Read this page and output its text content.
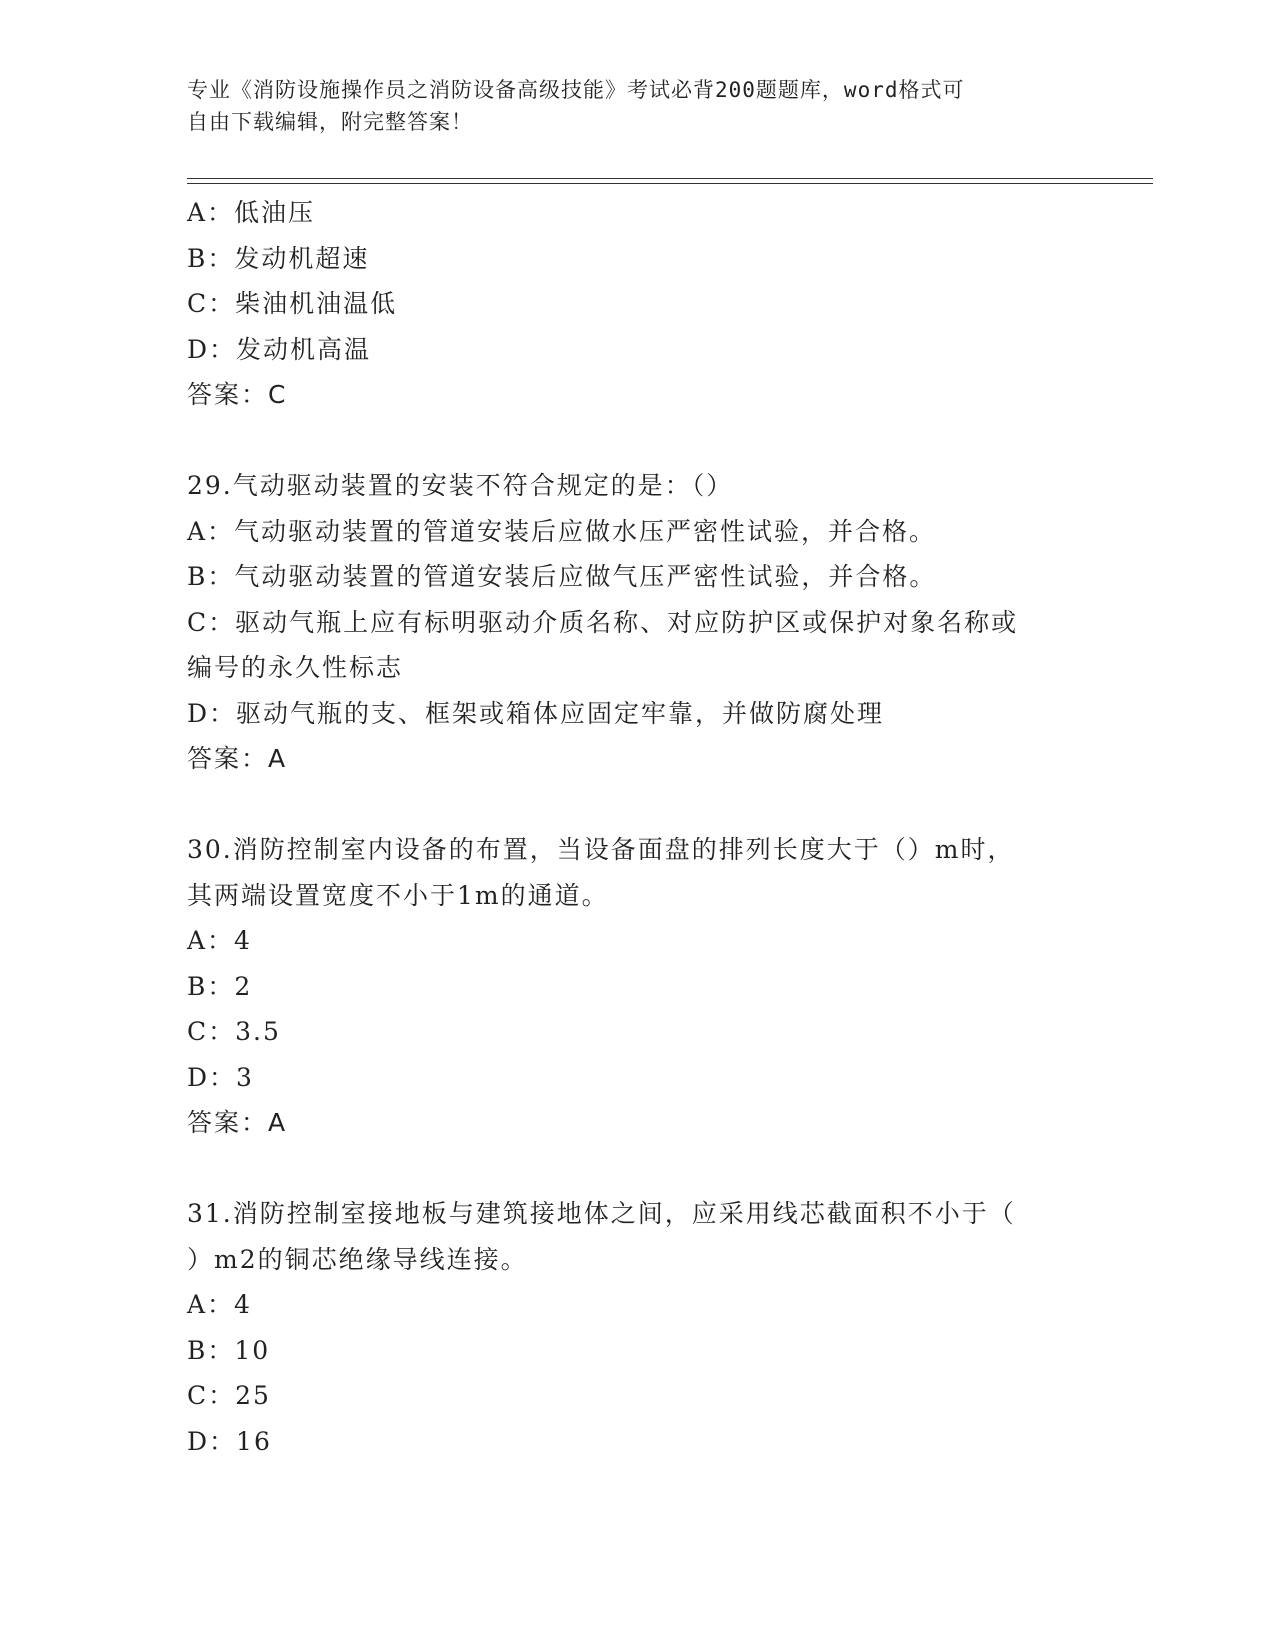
专业《消防设施操作员之消防设备高级技能》考试必背200题题库，word格式可

自由下载编辑，附完整答案！

A：低油压
B：发动机超速
C：柴油机油温低
D：发动机高温
答案：C
29.气动驱动装置的安装不符合规定的是：（）
A：气动驱动装置的管道安装后应做水压严密性试验，并合格。
B：气动驱动装置的管道安装后应做气压严密性试验，并合格。
C：驱动气瓶上应有标明驱动介质名称、对应防护区或保护对象名称或
编号的永久性标志
D：驱动气瓶的支、框架或箱体应固定牢靠，并做防腐处理
答案：A
30.消防控制室内设备的布置，当设备面盘的排列长度大于（）m时，
其两端设置宽度不小于1m的通道。
A：4
B：2
C：3.5
D：3
答案：A
31.消防控制室接地板与建筑接地体之间，应采用线芯截面积不小于（
）m2的铜芯绝缘导线连接。
A：4
B：10
C：25
D：16
